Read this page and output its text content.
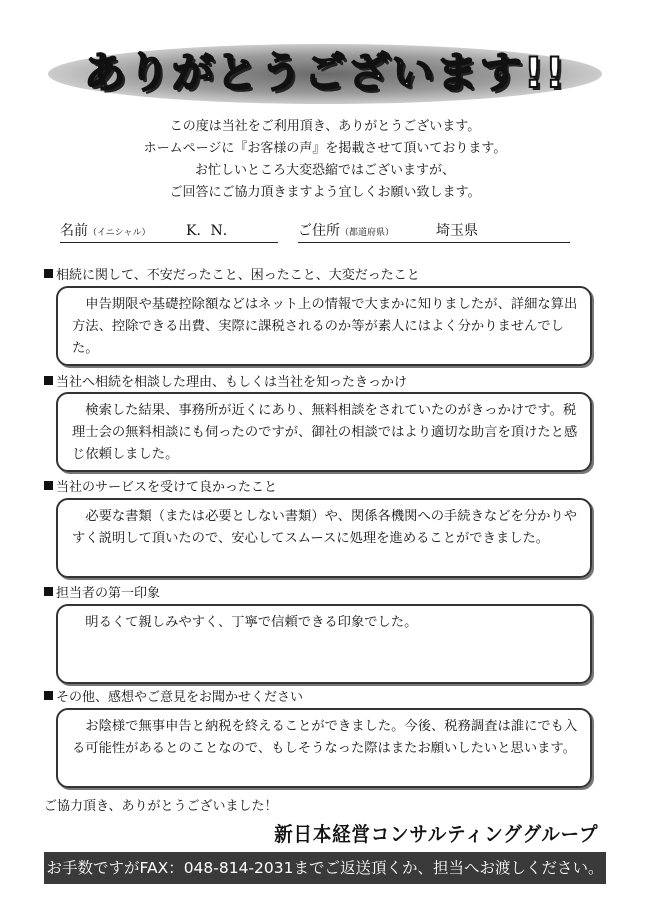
ありがとうございます!!
この度は当社をご利用頂き、ありがとうございます。
ホームページに『お客様の声』を掲載させて頂いております。
お忙しいところ大変恐縮ではございますが、
ご回答にご協力頂きますよう宜しくお願い致します。
名前（イニシャル）	K．N．	ご住所（都道府県）	埼玉県
相続に関して、不安だったこと、困ったこと、大変だったこと

申告期限や基礎控除額などはネット上の情報で大まかに知りましたが、詳細な算出方法、控除できる出費、実際に課税されるのか等が素人にはよく分かりませんでした。

当社へ相続を相談した理由、もしくは当社を知ったきっかけ

検索した結果、事務所が近くにあり、無料相談をされていたのがきっかけです。税理士会の無料相談にも伺ったのですが、御社の相談ではより適切な助言を頂けたと感じ依頼しました。

当社のサービスを受けて良かったこと

必要な書類（または必要としない書類）や、関係各機関への手続きなどを分かりやすく説明して頂いたので、安心してスムースに処理を進めることができました。

担当者の第一印象

明るくて親しみやすく、丁寧で信頼できる印象でした。

その他、感想やご意見をお聞かせください

お陰様で無事申告と納税を終えることができました。今後、税務調査は誰にでも入る可能性があるとのことなので、もしそうなった際はまたお願いしたいと思います。

ご協力頂き、ありがとうございました！
新日本経営コンサルティンググループ
お手数ですがFAX：048-814-2031までご返送頂くか、担当へお渡しください。
